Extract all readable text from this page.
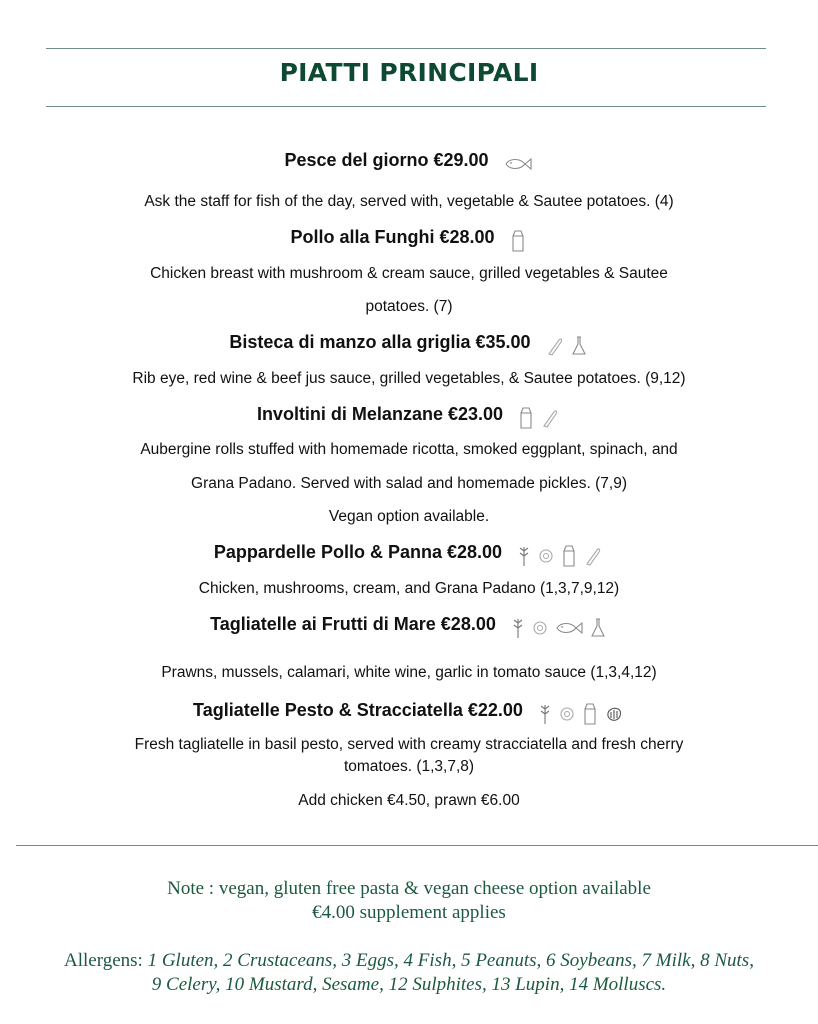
PIATTI PRINCIPALI
Pesce del giorno €29.00
Ask the staff for fish of the day, served with, vegetable & Sautee potatoes. (4)
Pollo alla Funghi €28.00
Chicken breast with mushroom & cream sauce, grilled vegetables & Sautee
potatoes. (7)
Bisteca di manzo alla griglia €35.00
Rib eye, red wine & beef jus sauce, grilled vegetables, & Sautee potatoes. (9,12)
Involtini di Melanzane €23.00
Aubergine rolls stuffed with homemade ricotta, smoked eggplant, spinach, and
Grana Padano. Served with salad and homemade pickles. (7,9)
Vegan option available.
Pappardelle Pollo & Panna €28.00
Chicken, mushrooms, cream, and Grana Padano (1,3,7,9,12)
Tagliatelle ai Frutti di Mare €28.00
Prawns, mussels, calamari, white wine, garlic in tomato sauce (1,3,4,12)
Tagliatelle Pesto & Stracciatella €22.00
Fresh tagliatelle in basil pesto, served with creamy stracciatella and fresh cherry
tomatoes. (1,3,7,8)
Add chicken €4.50, prawn €6.00
Note : vegan, gluten free pasta & vegan cheese option available
€4.00 supplement applies
Allergens: 1 Gluten, 2 Crustaceans, 3 Eggs, 4 Fish, 5 Peanuts, 6 Soybeans, 7 Milk, 8 Nuts,
9 Celery, 10 Mustard, Sesame, 12 Sulphites, 13 Lupin, 14 Molluscs.
